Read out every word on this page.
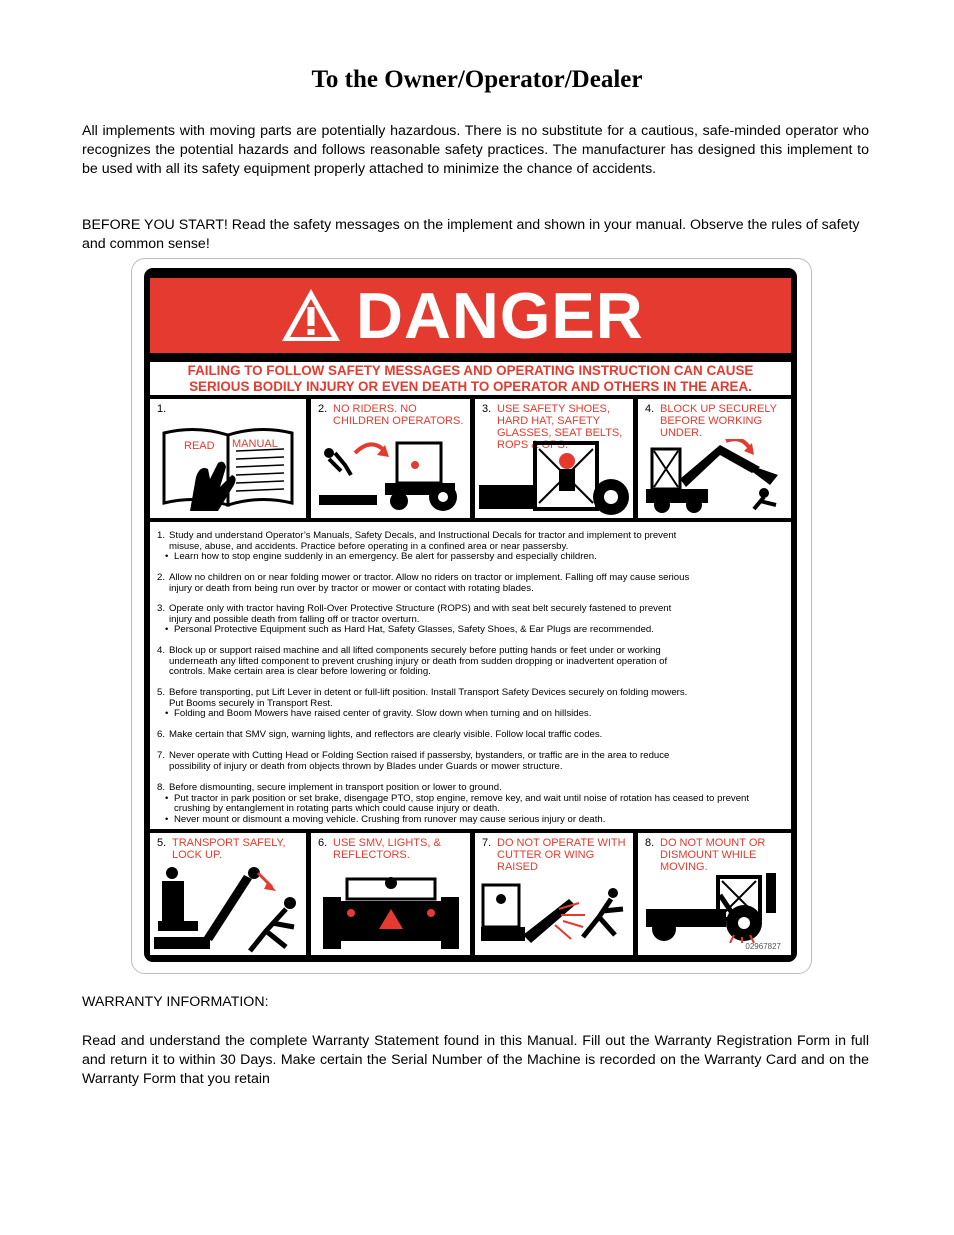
To the Owner/Operator/Dealer
All implements with moving parts are potentially hazardous. There is no substitute for a cautious, safe-minded operator who recognizes the potential hazards and follows reasonable safety practices. The manufacturer has designed this implement to be used with all its safety equipment properly attached to minimize the chance of accidents.
BEFORE YOU START! Read the safety messages on the implement and shown in your manual. Observe the rules of safety and common sense!
DANGER
FAILING TO FOLLOW SAFETY MESSAGES AND OPERATING INSTRUCTION CAN CAUSE
SERIOUS BODILY INJURY OR EVEN DEATH TO OPERATOR AND OTHERS IN THE AREA.
1.
READ MANUAL
2. NO RIDERS. NO CHILDREN OPERATORS.
3. USE SAFETY SHOES, HARD HAT, SAFETY GLASSES, SEAT BELTS, ROPS & OPS.
4. BLOCK UP SECURELY BEFORE WORKING UNDER.
1. Study and understand Operator’s Manuals, Safety Decals, and Instructional Decals for tractor and implement to prevent
misuse, abuse, and accidents. Practice before operating in a confined area or near passersby.
• Learn how to stop engine suddenly in an emergency. Be alert for passersby and especially children.
2. Allow no children on or near folding mower or tractor. Allow no riders on tractor or implement. Falling off may cause serious
injury or death from being run over by tractor or mower or contact with rotating blades.
3. Operate only with tractor having Roll-Over Protective Structure (ROPS) and with seat belt securely fastened to prevent
injury and possible death from falling off or tractor overturn.
• Personal Protective Equipment such as Hard Hat, Safety Glasses, Safety Shoes, & Ear Plugs are recommended.
4. Block up or support raised machine and all lifted components securely before putting hands or feet under or working
underneath any lifted component to prevent crushing injury or death from sudden dropping or inadvertent operation of
controls. Make certain area is clear before lowering or folding.
5. Before transporting, put Lift Lever in detent or full-lift position. Install Transport Safety Devices securely on folding mowers.
Put Booms securely in Transport Rest.
• Folding and Boom Mowers have raised center of gravity. Slow down when turning and on hillsides.
6. Make certain that SMV sign, warning lights, and reflectors are clearly visible. Follow local traffic codes.
7. Never operate with Cutting Head or Folding Section raised if passersby, bystanders, or traffic are in the area to reduce
possibility of injury or death from objects thrown by Blades under Guards or mower structure.
8. Before dismounting, secure implement in transport position or lower to ground.
• Put tractor in park position or set brake, disengage PTO, stop engine, remove key, and wait until noise of rotation has ceased to prevent crushing by entanglement in rotating parts which could cause injury or death.
• Never mount or dismount a moving vehicle. Crushing from runover may cause serious injury or death.
5. TRANSPORT SAFELY, LOCK UP.
6. USE SMV, LIGHTS, & REFLECTORS.
7. DO NOT OPERATE WITH CUTTER OR WING RAISED
8. DO NOT MOUNT OR DISMOUNT WHILE MOVING.
02967827
WARRANTY INFORMATION:
Read and understand the complete Warranty Statement found in this Manual. Fill out the Warranty Registration Form in full and return it to within 30 Days. Make certain the Serial Number of the Machine is recorded on the Warranty Card and on the Warranty Form that you retain
